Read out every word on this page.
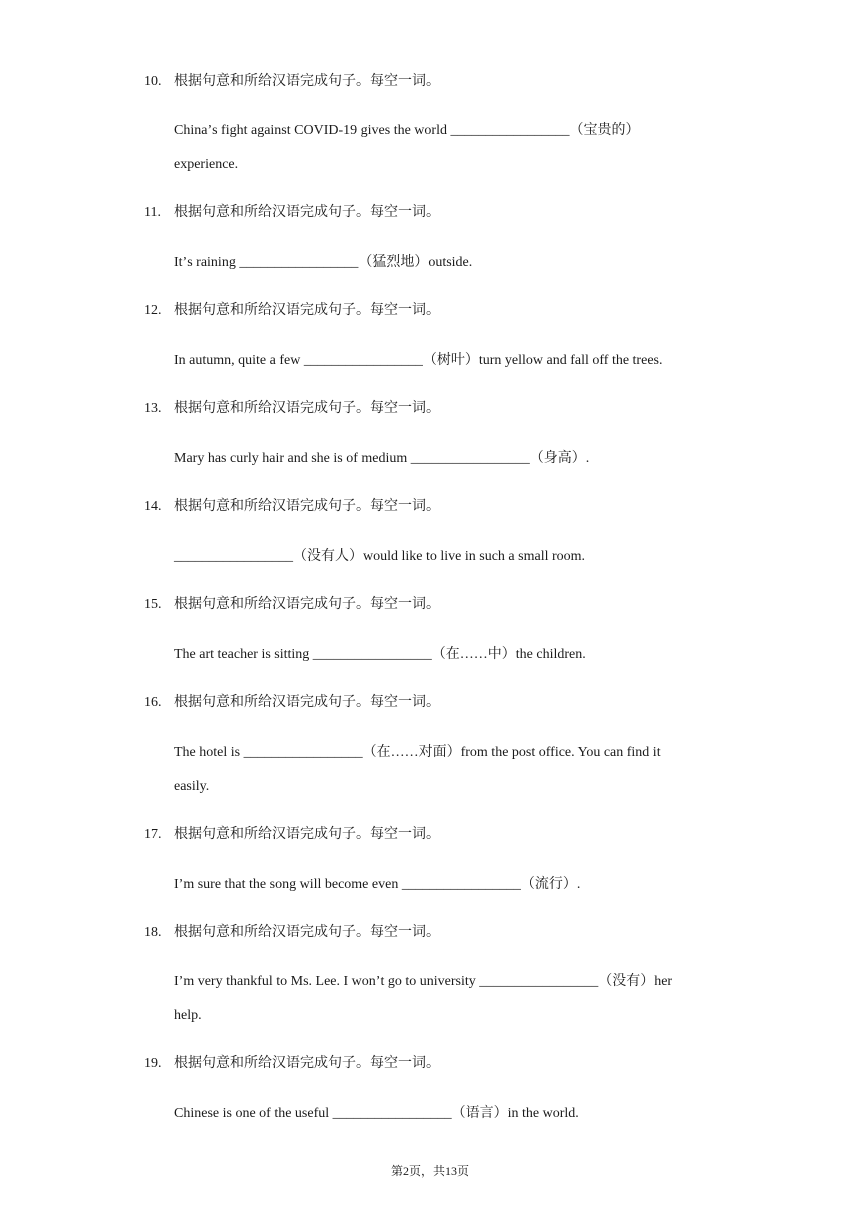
10. 根据句意和所给汉语完成句子。每空一词。
Chinaʼs fight against COVID-19 gives the world _________________（宝贵的）
experience.
11. 根据句意和所给汉语完成句子。每空一词。
Itʼs raining _________________（猛烈地）outside.
12. 根据句意和所给汉语完成句子。每空一词。
In autumn, quite a few _________________（树叶）turn yellow and fall off the trees.
13. 根据句意和所给汉语完成句子。每空一词。
Mary has curly hair and she is of medium _________________（身高）.
14. 根据句意和所给汉语完成句子。每空一词。
_________________（没有人）would like to live in such a small room.
15. 根据句意和所给汉语完成句子。每空一词。
The art teacher is sitting _________________（在……中）the children.
16. 根据句意和所给汉语完成句子。每空一词。
The hotel is _________________（在……对面）from the post office. You can find it
easily.
17. 根据句意和所给汉语完成句子。每空一词。
Iʼm sure that the song will become even _________________（流行）.
18. 根据句意和所给汉语完成句子。每空一词。
Iʼm very thankful to Ms. Lee. I wonʼt go to university _________________（没有）her
help.
19. 根据句意和所给汉语完成句子。每空一词。
Chinese is one of the useful _________________（语言）in the world.
第2页，共13页
